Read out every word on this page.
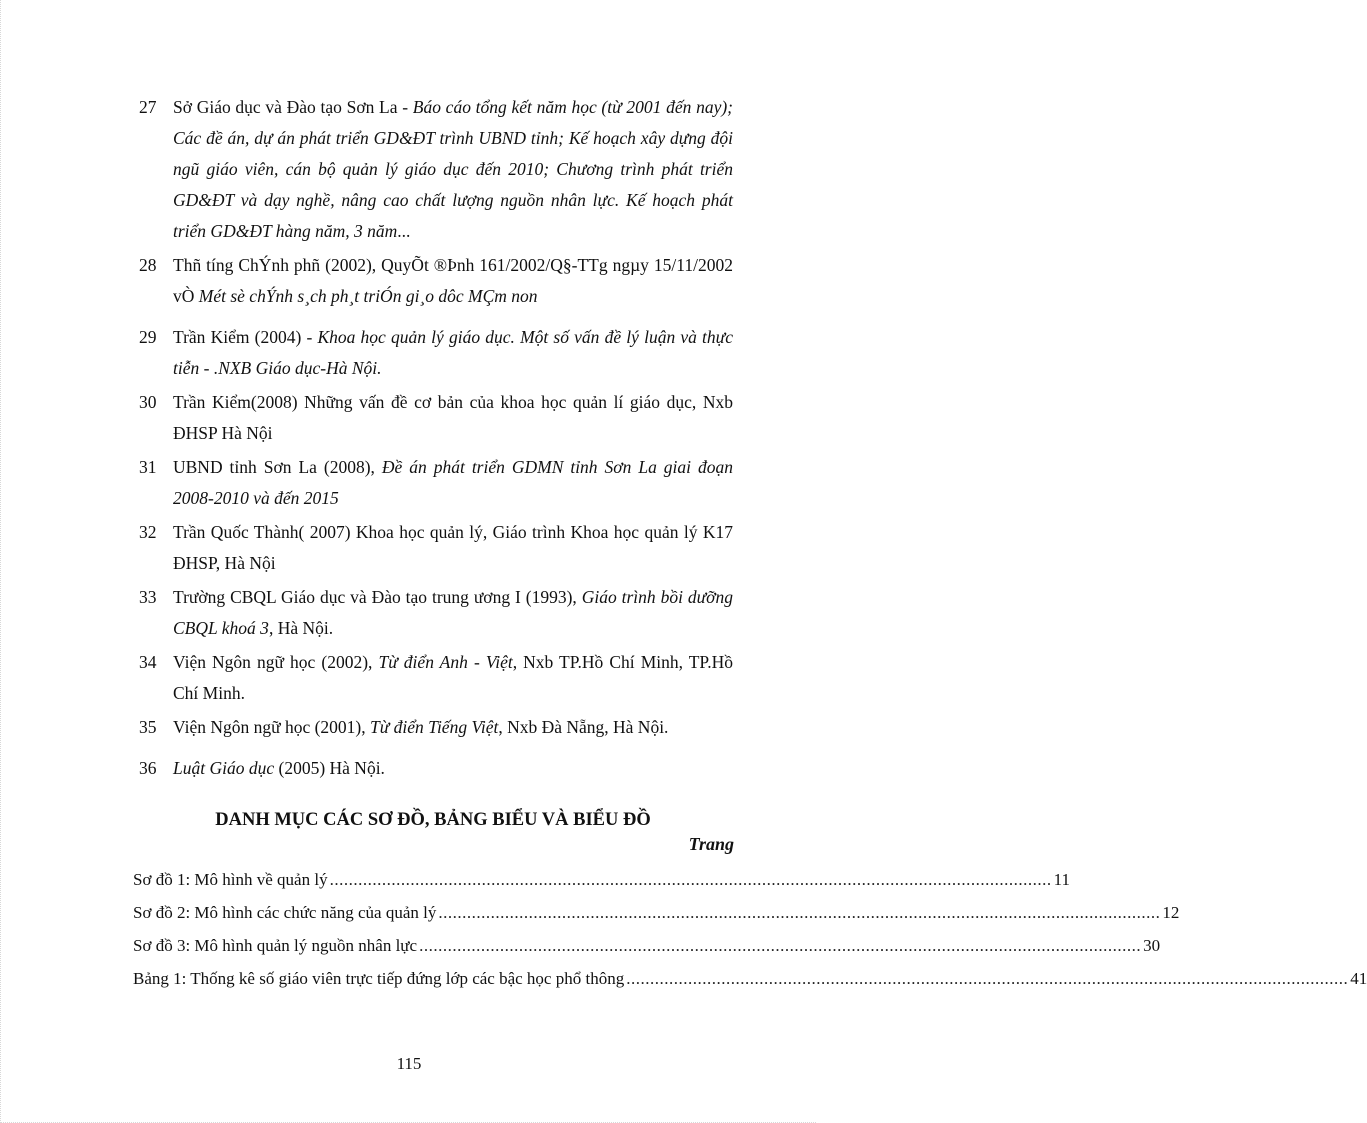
27 Sở Giáo dục và Đào tạo Sơn La - Báo cáo tổng kết năm học (từ 2001 đến nay); Các đề án, dự án phát triển GD&ĐT trình UBND tỉnh; Kế hoạch xây dựng đội ngũ giáo viên, cán bộ quản lý giáo dục đến 2010; Chương trình phát triển GD&ĐT và dạy nghề, nâng cao chất lượng nguồn nhân lực. Kế hoạch phát triển GD&ĐT hàng năm, 3 năm...
28 Thñ tíng ChÝnh phñ (2002), QuyÕt ®Þnh 161/2002/Q§-TTg ngµy 15/11/2002 vÒ Mét sè chÝnh s¸ch ph¸t triÓn gi¸o dôc MÇm non
29 Trần Kiểm (2004) - Khoa học quản lý giáo dục. Một số vấn đề lý luận và thực tiễn - .NXB Giáo dục-Hà Nội.
30 Trần Kiểm(2008) Những vấn đề cơ bản của khoa học quản lí giáo dục, Nxb ĐHSP Hà Nội
31 UBND tỉnh Sơn La (2008), Đề án phát triển GDMN tỉnh Sơn La giai đoạn 2008-2010 và đến 2015
32 Trần Quốc Thành( 2007) Khoa học quản lý, Giáo trình Khoa học quản lý K17 ĐHSP, Hà Nội
33 Trường CBQL Giáo dục và Đào tạo trung ương I (1993), Giáo trình bồi dưỡng CBQL khoá 3, Hà Nội.
34 Viện Ngôn ngữ học (2002), Từ điển Anh - Việt, Nxb TP.Hồ Chí Minh, TP.Hồ Chí Minh.
35 Viện Ngôn ngữ học (2001), Từ điển Tiếng Việt, Nxb Đà Nẵng, Hà Nội.
36 Luật Giáo dục (2005) Hà Nội.
DANH MỤC CÁC SƠ ĐỒ, BẢNG BIỂU VÀ BIỂU ĐỒ
Trang
Sơ đồ 1: Mô hình về quản lý ........................................................................................................................................................ 11
Sơ đồ 2: Mô hình các chức năng của quản lý ........................................................................................................................................................ 12
Sơ đồ 3: Mô hình quản lý nguồn nhân lực ........................................................................................................................................................ 30
Bảng 1: Thống kê số giáo viên trực tiếp đứng lớp các bậc học phổ thông ........................................................................................................................................................ 41
115
